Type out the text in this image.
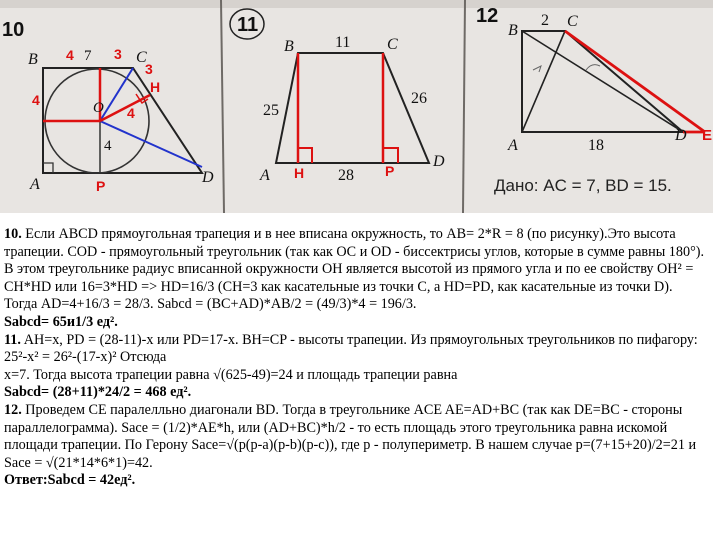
10
B	C
A	D
O
H
P
4 7 3
3
4
4
4
11
B	C
A
D
H	P
11
25
26
28
12
B
C
A
D E
2
18
Дано: AC = 7, BD = 15.

10. Если ABCD прямоугольная трапеция и в нее вписана окружность, то AB= 2*R = 8 (по рисунку).Это высота трапеции. COD - прямоугольный треугольник (так как OC и OD - биссектрисы углов, которые в сумме равны 180°). В этом треугольнике радиус вписанной окружности OH является высотой из прямого угла и по ее свойству OH² = CH*HD или 16=3*HD => HD=16/3 (CH=3 как касательные из точки C, а HD=PD, как касательные из точки D).

Тогда AD=4+16/3 = 28/3. Sabcd = (BC+AD)*AB/2 = (49/3)*4 = 196/3.

Sabcd= 65и1/3 ед².

11. AH=x, PD = (28-11)-x или PD=17-x. BH=CP - высоты трапеции. Из прямоугольных треугольников по пифагору: 25²-x² = 26²-(17-x)² Отсюда

x=7. Тогда высота трапеции равна √(625-49)=24 и площадь трапеции равна

Sabcd= (28+11)*24/2 = 468 ед².

12. Проведем CE паралелльно диагонали BD. Тогда в треугольнике ACE AE=AD+BC (так как DE=BC - стороны параллелограмма). Sace = (1/2)*AE*h, или (AD+BC)*h/2 - то есть площадь этого треугольника равна искомой площади трапеции. По Герону Sace=√(p(p-a)(p-b)(p-c)), где p - полупериметр. В нашем случае p=(7+15+20)/2=21 и Sace = √(21*14*6*1)=42.

Ответ:Sabcd = 42ед².
